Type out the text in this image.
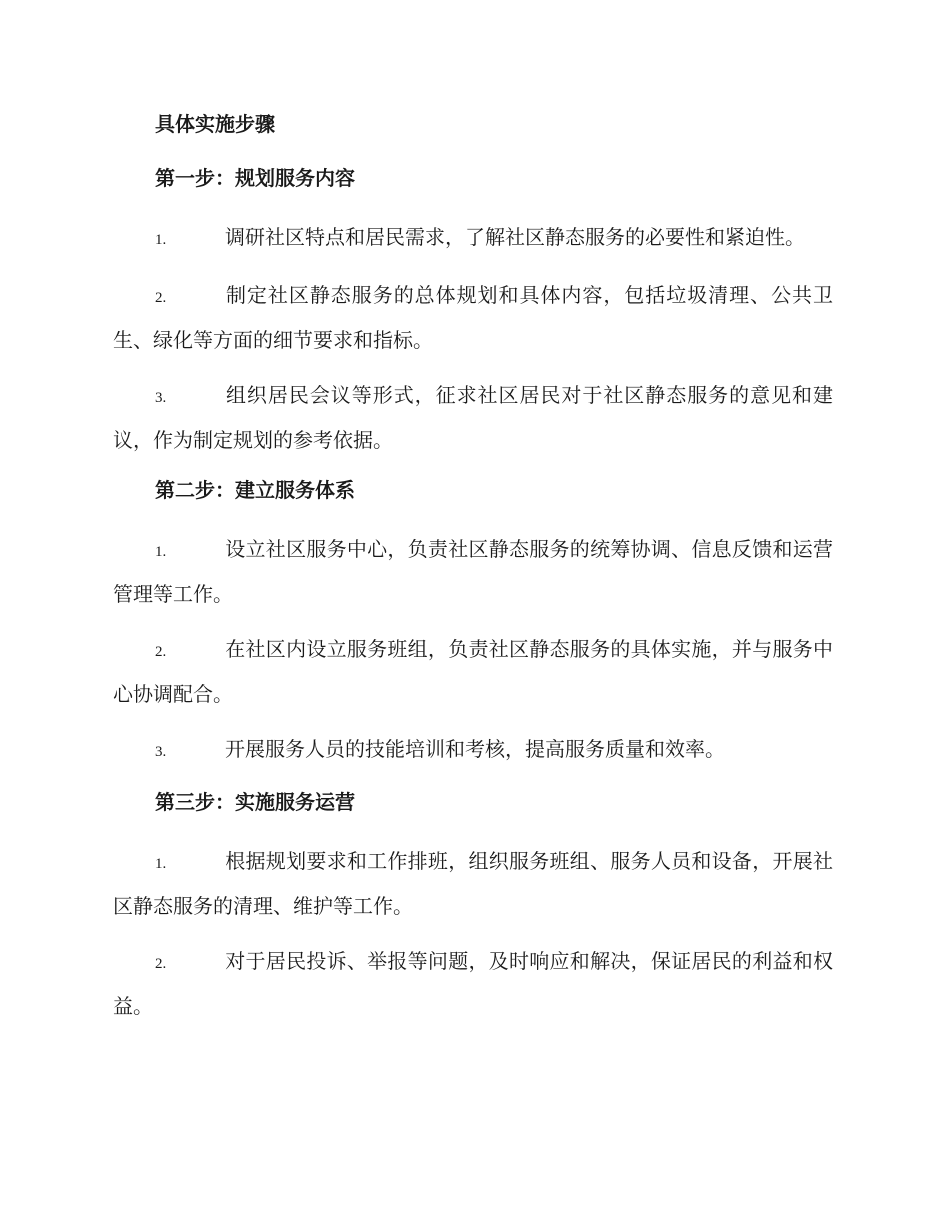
具体实施步骤
第一步：规划服务内容
1.	调研社区特点和居民需求，了解社区静态服务的必要性和紧迫性。
2.	制定社区静态服务的总体规划和具体内容，包括垃圾清理、公共卫生、绿化等方面的细节要求和指标。
3.	组织居民会议等形式，征求社区居民对于社区静态服务的意见和建议，作为制定规划的参考依据。
第二步：建立服务体系
1.	设立社区服务中心，负责社区静态服务的统筹协调、信息反馈和运营管理等工作。
2.	在社区内设立服务班组，负责社区静态服务的具体实施，并与服务中心协调配合。
3.	开展服务人员的技能培训和考核，提高服务质量和效率。
第三步：实施服务运营
1.	根据规划要求和工作排班，组织服务班组、服务人员和设备，开展社区静态服务的清理、维护等工作。
2.	对于居民投诉、举报等问题，及时响应和解决，保证居民的利益和权益。
